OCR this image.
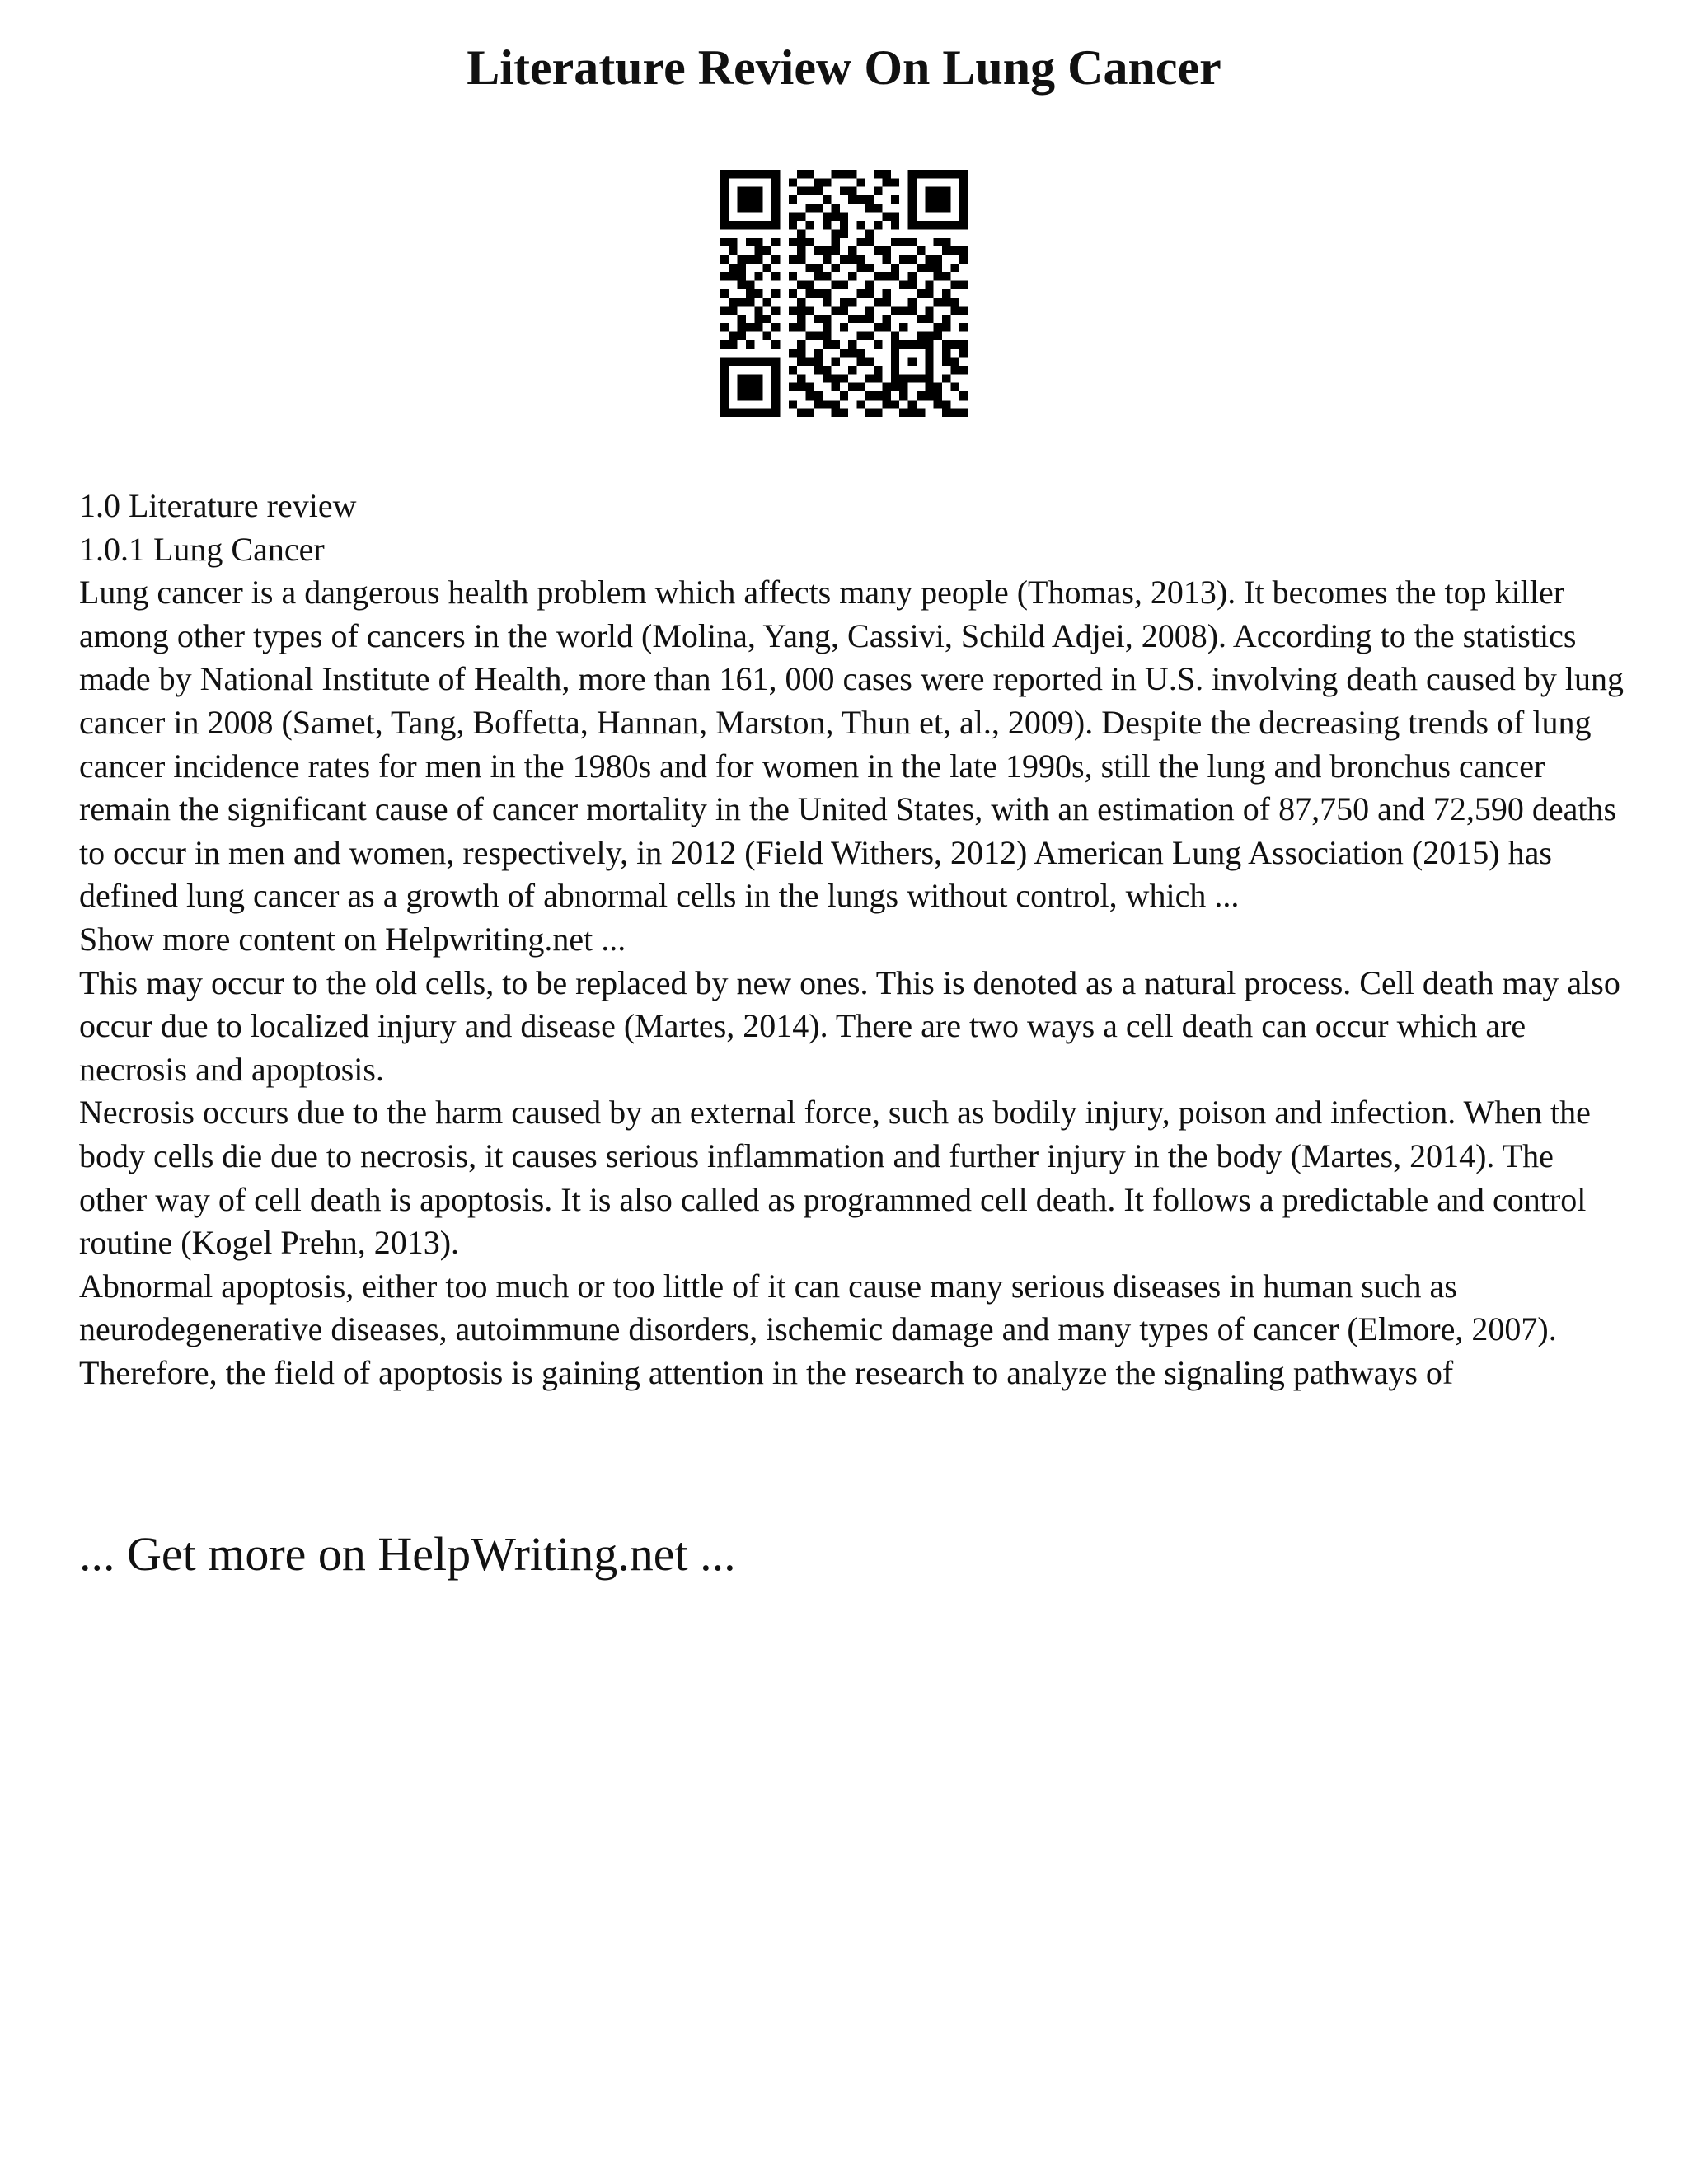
Literature Review On Lung Cancer
1.0 Literature review
1.0.1 Lung Cancer
Lung cancer is a dangerous health problem which affects many people (Thomas, 2013). It becomes the top killer among other types of cancers in the world (Molina, Yang, Cassivi, Schild Adjei, 2008). According to the statistics made by National Institute of Health, more than 161, 000 cases were reported in U.S. involving death caused by lung cancer in 2008 (Samet, Tang, Boffetta, Hannan, Marston, Thun et, al., 2009). Despite the decreasing trends of lung cancer incidence rates for men in the 1980s and for women in the late 1990s, still the lung and bronchus cancer remain the significant cause of cancer mortality in the United States, with an estimation of 87,750 and 72,590 deaths to occur in men and women, respectively, in 2012 (Field Withers, 2012) American Lung Association (2015) has defined lung cancer as a growth of abnormal cells in the lungs without control, which ...
Show more content on Helpwriting.net ...
This may occur to the old cells, to be replaced by new ones. This is denoted as a natural process. Cell death may also occur due to localized injury and disease (Martes, 2014). There are two ways a cell death can occur which are necrosis and apoptosis.
Necrosis occurs due to the harm caused by an external force, such as bodily injury, poison and infection. When the body cells die due to necrosis, it causes serious inflammation and further injury in the body (Martes, 2014). The other way of cell death is apoptosis. It is also called as programmed cell death. It follows a predictable and control routine (Kogel Prehn, 2013).
Abnormal apoptosis, either too much or too little of it can cause many serious diseases in human such as neurodegenerative diseases, autoimmune disorders, ischemic damage and many types of cancer (Elmore, 2007). Therefore, the field of apoptosis is gaining attention in the research to analyze the signaling pathways of

... Get more on HelpWriting.net ...
